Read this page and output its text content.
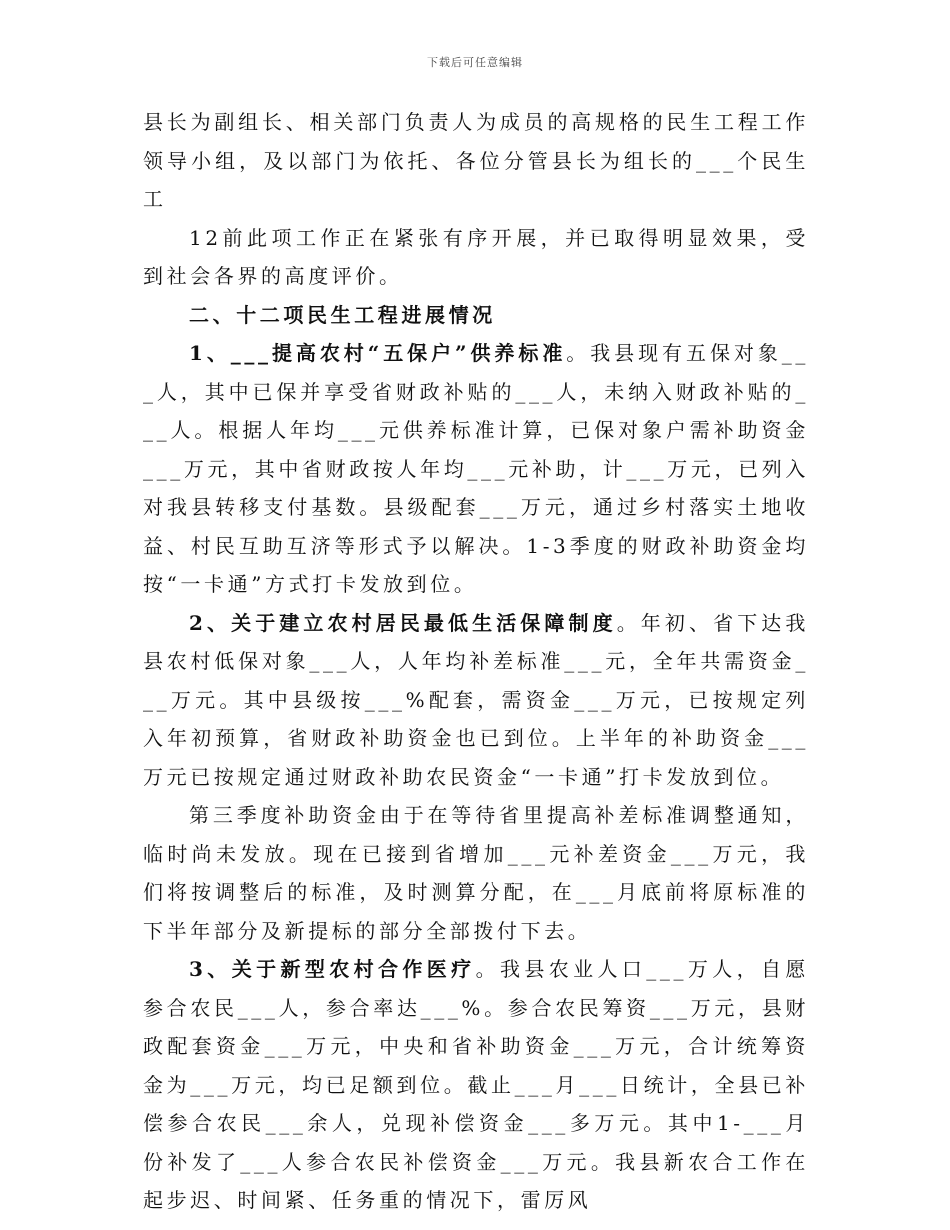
下载后可任意编辑

县长为副组长、相关部门负责人为成员的高规格的民生工程工作领导小组，及以部门为依托、各位分管县长为组长的___个民生工

12前此项工作正在紧张有序开展，并已取得明显效果，受到社会各界的高度评价。

二、十二项民生工程进展情况

1、___提高农村“五保户”供养标准。我县现有五保对象___人，其中已保并享受省财政补贴的___人，未纳入财政补贴的___人。根据人年均___元供养标准计算，已保对象户需补助资金___万元，其中省财政按人年均___元补助，计___万元，已列入对我县转移支付基数。县级配套___万元，通过乡村落实土地收益、村民互助互济等形式予以解决。1-3季度的财政补助资金均按“一卡通”方式打卡发放到位。

2、关于建立农村居民最低生活保障制度。年初、省下达我县农村低保对象___人，人年均补差标准___元，全年共需资金___万元。其中县级按___%配套，需资金___万元，已按规定列入年初预算，省财政补助资金也已到位。上半年的补助资金___万元已按规定通过财政补助农民资金“一卡通”打卡发放到位。

第三季度补助资金由于在等待省里提高补差标准调整通知，临时尚未发放。现在已接到省增加___元补差资金___万元，我们将按调整后的标准，及时测算分配，在___月底前将原标准的下半年部分及新提标的部分全部拨付下去。

3、关于新型农村合作医疗。我县农业人口___万人，自愿参合农民___人，参合率达___%。参合农民筹资___万元，县财政配套资金___万元，中央和省补助资金___万元，合计统筹资金为___万元，均已足额到位。截止___月___日统计，全县已补偿参合农民___余人，兑现补偿资金___多万元。其中1-___月份补发了___人参合农民补偿资金___万元。我县新农合工作在起步迟、时间紧、任务重的情况下，雷厉风
